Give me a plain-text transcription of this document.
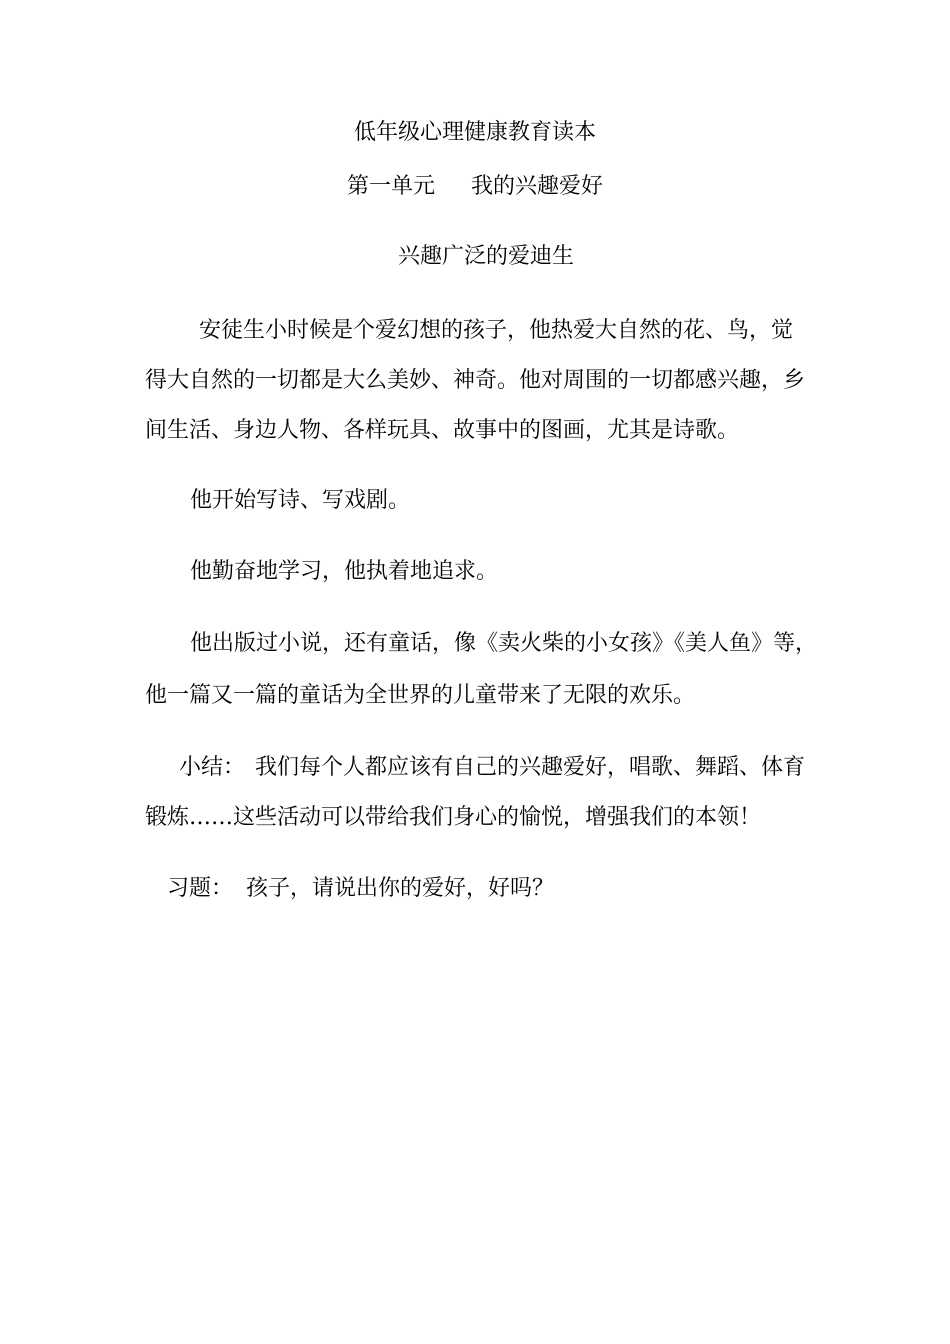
低年级心理健康教育读本
第一单元 我的兴趣爱好
兴趣广泛的爱迪生
安徒生小时候是个爱幻想的孩子，他热爱大自然的花、鸟，觉
得大自然的一切都是大么美妙、神奇。他对周围的一切都感兴趣，乡
间生活、身边人物、各样玩具、故事中的图画，尤其是诗歌。
他开始写诗、写戏剧。
他勤奋地学习，他执着地追求。
他出版过小说，还有童话，像《卖火柴的小女孩》《美人鱼》等，
他一篇又一篇的童话为全世界的儿童带来了无限的欢乐。
小结： 我们每个人都应该有自己的兴趣爱好，唱歌、舞蹈、体育
锻炼……这些活动可以带给我们身心的愉悦，增强我们的本领！
习题： 孩子，请说出你的爱好，好吗？
